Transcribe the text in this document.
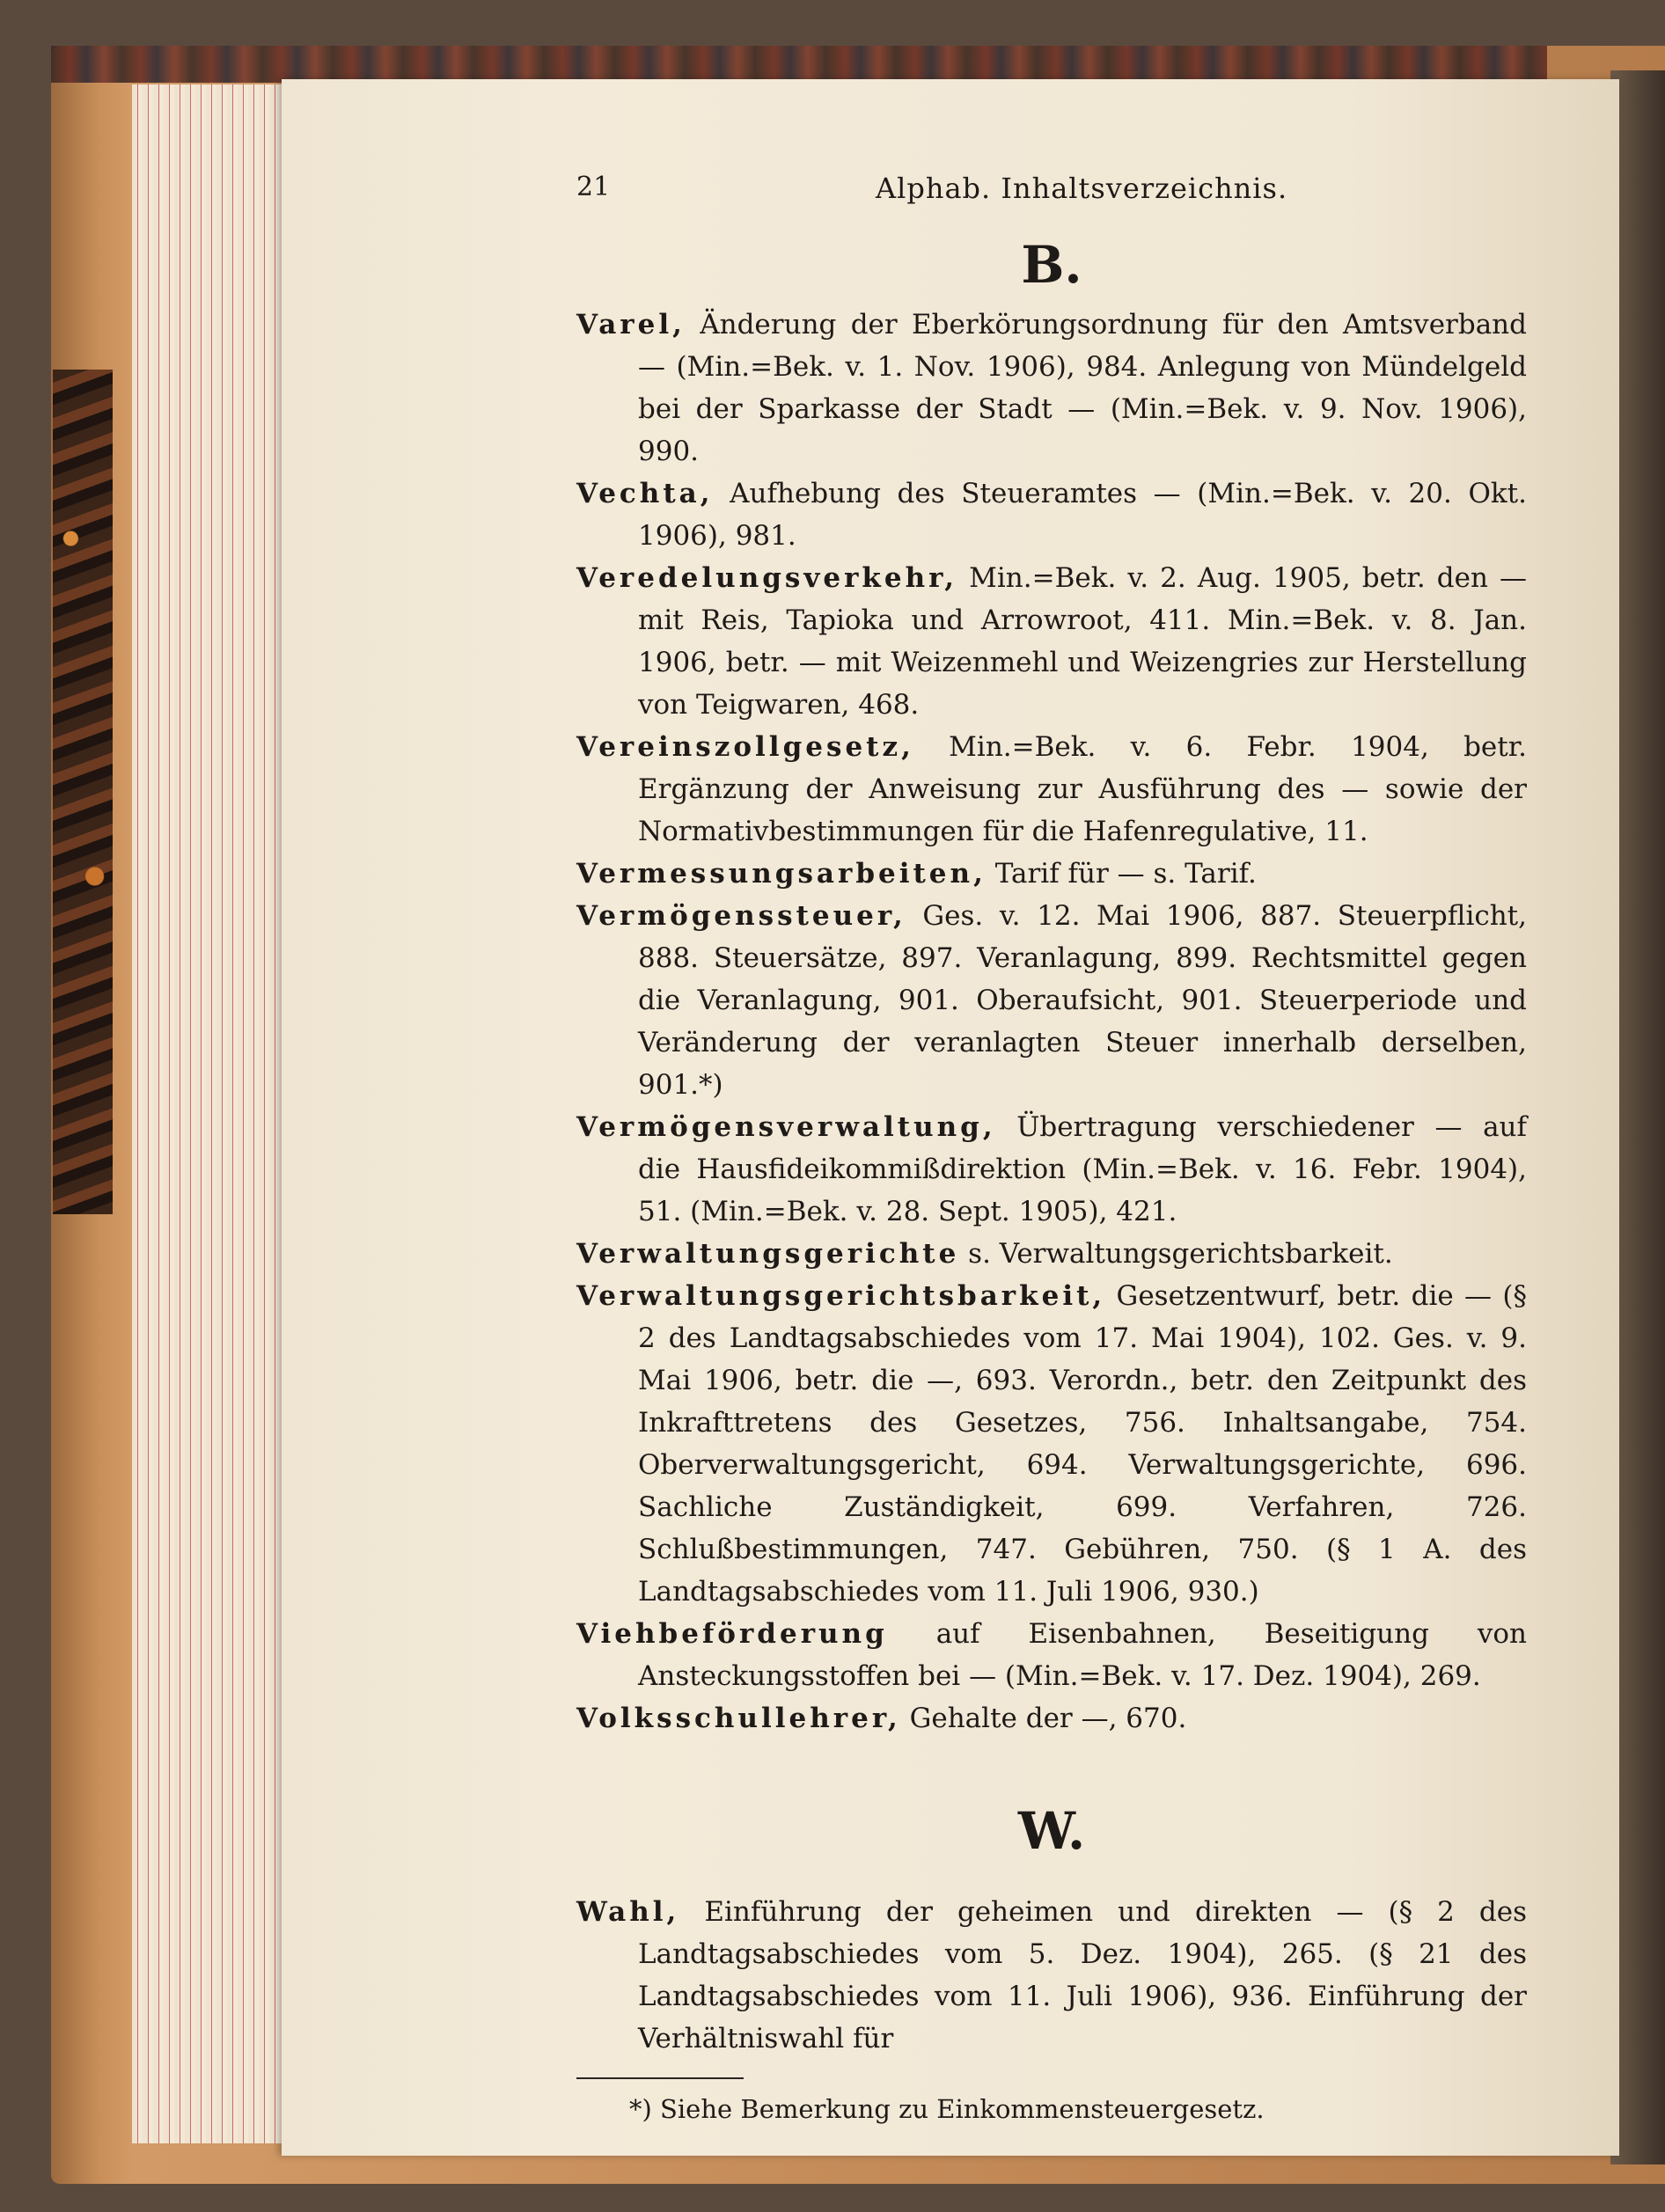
21	Alphab. Inhaltsverzeichnis.
B.

Varel, Änderung der Eberkörungsordnung für den Amtsverband — (Min.=Bek. v. 1. Nov. 1906), 984. Anlegung von Mündelgeld bei der Sparkasse der Stadt — (Min.=Bek. v. 9. Nov. 1906), 990.

Vechta, Aufhebung des Steueramtes — (Min.=Bek. v. 20. Okt. 1906), 981.

Veredelungsverkehr, Min.=Bek. v. 2. Aug. 1905, betr. den — mit Reis, Tapioka und Arrowroot, 411. Min.=Bek. v. 8. Jan. 1906, betr. — mit Weizenmehl und Weizengries zur Herstellung von Teigwaren, 468.

Vereinszollgesetz, Min.=Bek. v. 6. Febr. 1904, betr. Ergänzung der Anweisung zur Ausführung des — sowie der Normativbestimmungen für die Hafenregulative, 11.

Vermessungsarbeiten, Tarif für — s. Tarif.

Vermögenssteuer, Ges. v. 12. Mai 1906, 887. Steuerpflicht, 888. Steuersätze, 897. Veranlagung, 899. Rechtsmittel gegen die Veranlagung, 901. Oberaufsicht, 901. Steuerperiode und Veränderung der veranlagten Steuer innerhalb derselben, 901.*)

Vermögensverwaltung, Übertragung verschiedener — auf die Hausfideikommißdirektion (Min.=Bek. v. 16. Febr. 1904), 51. (Min.=Bek. v. 28. Sept. 1905), 421.

Verwaltungsgerichte s. Verwaltungsgerichtsbarkeit.

Verwaltungsgerichtsbarkeit, Gesetzentwurf, betr. die — (§ 2 des Landtagsabschiedes vom 17. Mai 1904), 102. Ges. v. 9. Mai 1906, betr. die —, 693. Verordn., betr. den Zeitpunkt des Inkrafttretens des Gesetzes, 756. Inhaltsangabe, 754. Oberverwaltungsgericht, 694. Verwaltungsgerichte, 696. Sachliche Zuständigkeit, 699. Verfahren, 726. Schlußbestimmungen, 747. Gebühren, 750. (§ 1 A. des Landtagsabschiedes vom 11. Juli 1906, 930.)

Viehbeförderung auf Eisenbahnen, Beseitigung von Ansteckungsstoffen bei — (Min.=Bek. v. 17. Dez. 1904), 269.

Volksschullehrer, Gehalte der —, 670.

W.

Wahl, Einführung der geheimen und direkten — (§ 2 des Landtagsabschiedes vom 5. Dez. 1904), 265. (§ 21 des Landtagsabschiedes vom 11. Juli 1906), 936. Einführung der Verhältniswahl für

*) Siehe Bemerkung zu Einkommensteuergesetz.
